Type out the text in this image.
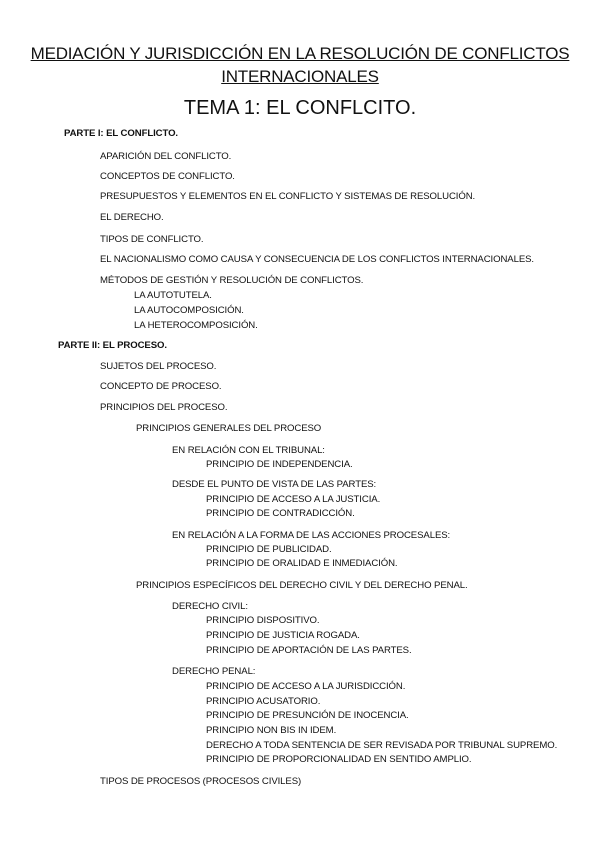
MEDIACIÓN Y JURISDICCIÓN EN LA RESOLUCIÓN DE CONFLICTOS
INTERNACIONALES
TEMA 1: EL CONFLCITO.
PARTE I: EL CONFLICTO.
APARICIÓN DEL CONFLICTO.
CONCEPTOS DE CONFLICTO.
PRESUPUESTOS Y ELEMENTOS EN EL CONFLICTO Y SISTEMAS DE RESOLUCIÓN.
EL DERECHO.
TIPOS DE CONFLICTO.
EL NACIONALISMO COMO CAUSA Y CONSECUENCIA DE LOS CONFLICTOS INTERNACIONALES.
MÉTODOS DE GESTIÓN Y RESOLUCIÓN DE CONFLICTOS.
LA AUTOTUTELA.
LA AUTOCOMPOSICIÓN.
LA HETEROCOMPOSICIÓN.
PARTE II: EL PROCESO.
SUJETOS DEL PROCESO.
CONCEPTO DE PROCESO.
PRINCIPIOS DEL PROCESO.
PRINCIPIOS GENERALES DEL PROCESO
EN RELACIÓN CON EL TRIBUNAL:
PRINCIPIO DE INDEPENDENCIA.
DESDE EL PUNTO DE VISTA DE LAS PARTES:
PRINCIPIO DE ACCESO A LA JUSTICIA.
PRINCIPIO DE CONTRADICCIÓN.
EN RELACIÓN A LA FORMA DE LAS ACCIONES PROCESALES:
PRINCIPIO DE PUBLICIDAD.
PRINCIPIO DE ORALIDAD E INMEDIACIÓN.
PRINCIPIOS ESPECÍFICOS DEL DERECHO CIVIL Y DEL DERECHO PENAL.
DERECHO CIVIL:
PRINCIPIO DISPOSITIVO.
PRINCIPIO DE JUSTICIA ROGADA.
PRINCIPIO DE APORTACIÓN DE LAS PARTES.
DERECHO PENAL:
PRINCIPIO DE ACCESO A LA JURISDICCIÓN.
PRINCIPIO ACUSATORIO.
PRINCIPIO DE PRESUNCIÓN DE INOCENCIA.
PRINCIPIO NON BIS IN IDEM.
DERECHO A TODA SENTENCIA DE SER REVISADA POR TRIBUNAL SUPREMO.
PRINCIPIO DE PROPORCIONALIDAD EN SENTIDO AMPLIO.
TIPOS DE PROCESOS (PROCESOS CIVILES)
